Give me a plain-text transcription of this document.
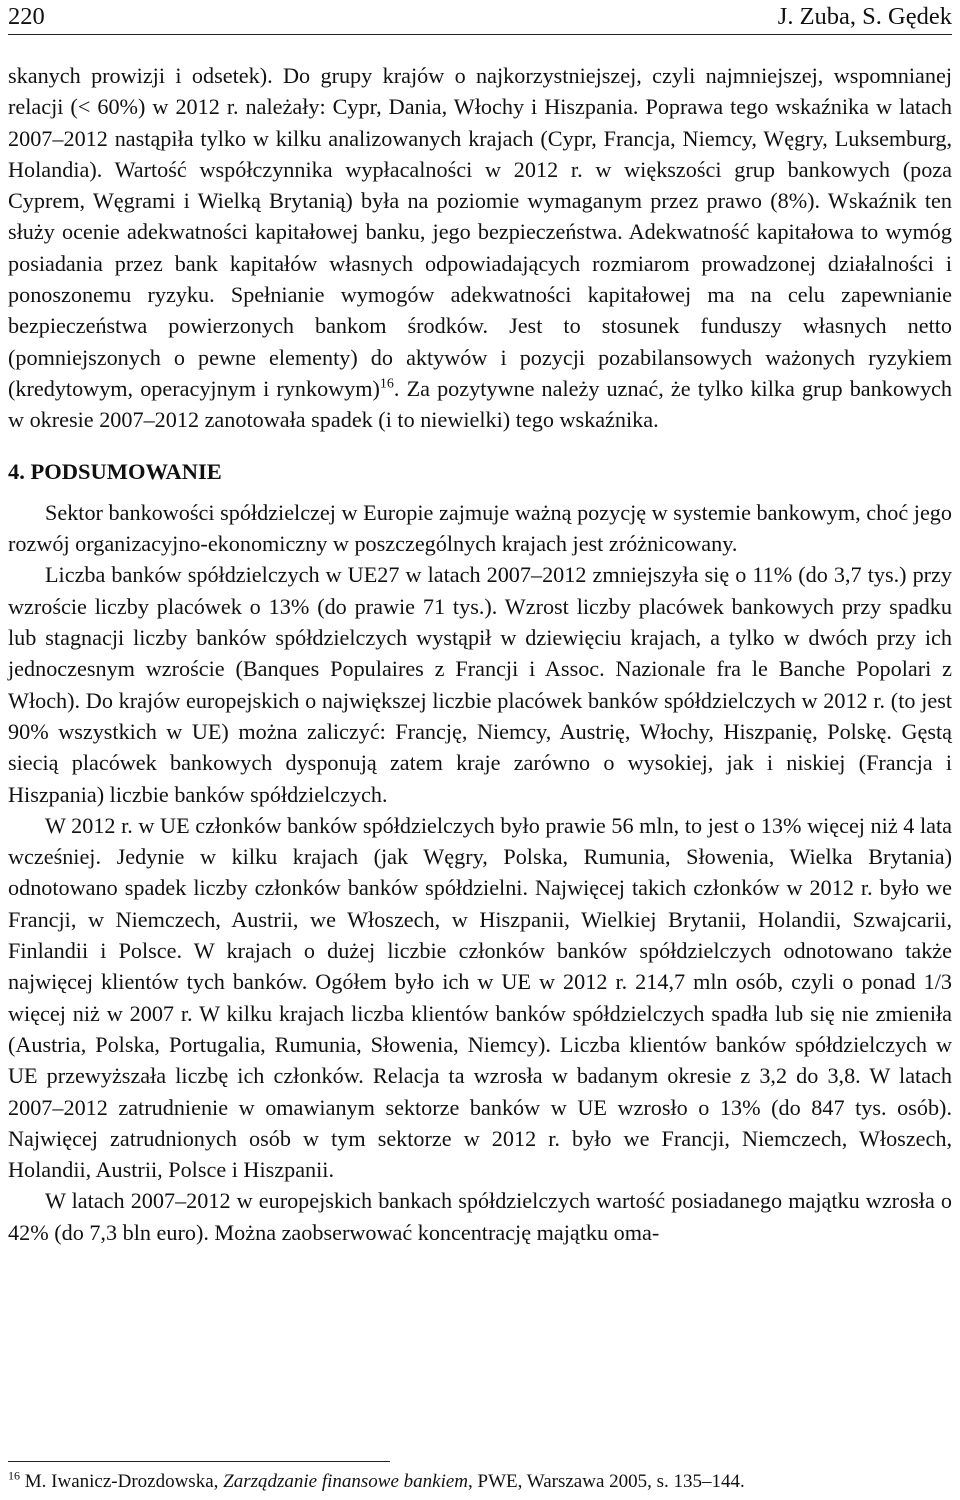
220	J. Zuba, S. Gędek

skanych prowizji i odsetek). Do grupy krajów o najkorzystniejszej, czyli najmniejszej, wspomnianej relacji (< 60%) w 2012 r. należały: Cypr, Dania, Włochy i Hiszpania. Poprawa tego wskaźnika w latach 2007–2012 nastąpiła tylko w kilku analizowanych krajach (Cypr, Francja, Niemcy, Węgry, Luksemburg, Holandia). Wartość współczynnika wypłacalności w 2012 r. w większości grup bankowych (poza Cyprem, Węgrami i Wielką Brytanią) była na poziomie wymaganym przez prawo (8%). Wskaźnik ten służy ocenie adekwatności kapitałowej banku, jego bezpieczeństwa. Adekwatność kapitałowa to wymóg posiadania przez bank kapitałów własnych odpowiadających rozmiarom prowadzonej działalności i ponoszonemu ryzyku. Spełnianie wymogów adekwatności kapitałowej ma na celu zapewnianie bezpieczeństwa powierzonych bankom środków. Jest to stosunek funduszy własnych netto (pomniejszonych o pewne elementy) do aktywów i pozycji pozabilansowych ważonych ryzykiem (kredytowym, operacyjnym i rynkowym)$^{16}$. Za pozytywne należy uznać, że tylko kilka grup bankowych w okresie 2007–2012 zanotowała spadek (i to niewielki) tego wskaźnika.

4. PODSUMOWANIE

Sektor bankowości spółdzielczej w Europie zajmuje ważną pozycję w systemie bankowym, choć jego rozwój organizacyjno-ekonomiczny w poszczególnych krajach jest zróżnicowany.

Liczba banków spółdzielczych w UE27 w latach 2007–2012 zmniejszyła się o 11% (do 3,7 tys.) przy wzroście liczby placówek o 13% (do prawie 71 tys.). Wzrost liczby placówek bankowych przy spadku lub stagnacji liczby banków spółdzielczych wystąpił w dziewięciu krajach, a tylko w dwóch przy ich jednoczesnym wzroście (Banques Populaires z Francji i Assoc. Nazionale fra le Banche Popolari z Włoch). Do krajów europejskich o największej liczbie placówek banków spółdzielczych w 2012 r. (to jest 90% wszystkich w UE) można zaliczyć: Francję, Niemcy, Austrię, Włochy, Hiszpanię, Polskę. Gęstą siecią placówek bankowych dysponują zatem kraje zarówno o wysokiej, jak i niskiej (Francja i Hiszpania) liczbie banków spółdzielczych.

W 2012 r. w UE członków banków spółdzielczych było prawie 56 mln, to jest o 13% więcej niż 4 lata wcześniej. Jedynie w kilku krajach (jak Węgry, Polska, Rumunia, Słowenia, Wielka Brytania) odnotowano spadek liczby członków banków spółdzielni. Najwięcej takich członków w 2012 r. było we Francji, w Niemczech, Austrii, we Włoszech, w Hiszpanii, Wielkiej Brytanii, Holandii, Szwajcarii, Finlandii i Polsce. W krajach o dużej liczbie członków banków spółdzielczych odnotowano także najwięcej klientów tych banków. Ogółem było ich w UE w 2012 r. 214,7 mln osób, czyli o ponad 1/3 więcej niż w 2007 r. W kilku krajach liczba klientów banków spółdzielczych spadła lub się nie zmieniła (Austria, Polska, Portugalia, Rumunia, Słowenia, Niemcy). Liczba klientów banków spółdzielczych w UE przewyższała liczbę ich członków. Relacja ta wzrosła w badanym okresie z 3,2 do 3,8. W latach 2007–2012 zatrudnienie w omawianym sektorze banków w UE wzrosło o 13% (do 847 tys. osób). Najwięcej zatrudnionych osób w tym sektorze w 2012 r. było we Francji, Niemczech, Włoszech, Holandii, Austrii, Polsce i Hiszpanii.

W latach 2007–2012 w europejskich bankach spółdzielczych wartość posiadanego majątku wzrosła o 42% (do 7,3 bln euro). Można zaobserwować koncentrację majątku oma-

$^{16}$ M. Iwanicz-Drozdowska, Zarządzanie finansowe bankiem, PWE, Warszawa 2005, s. 135–144.
